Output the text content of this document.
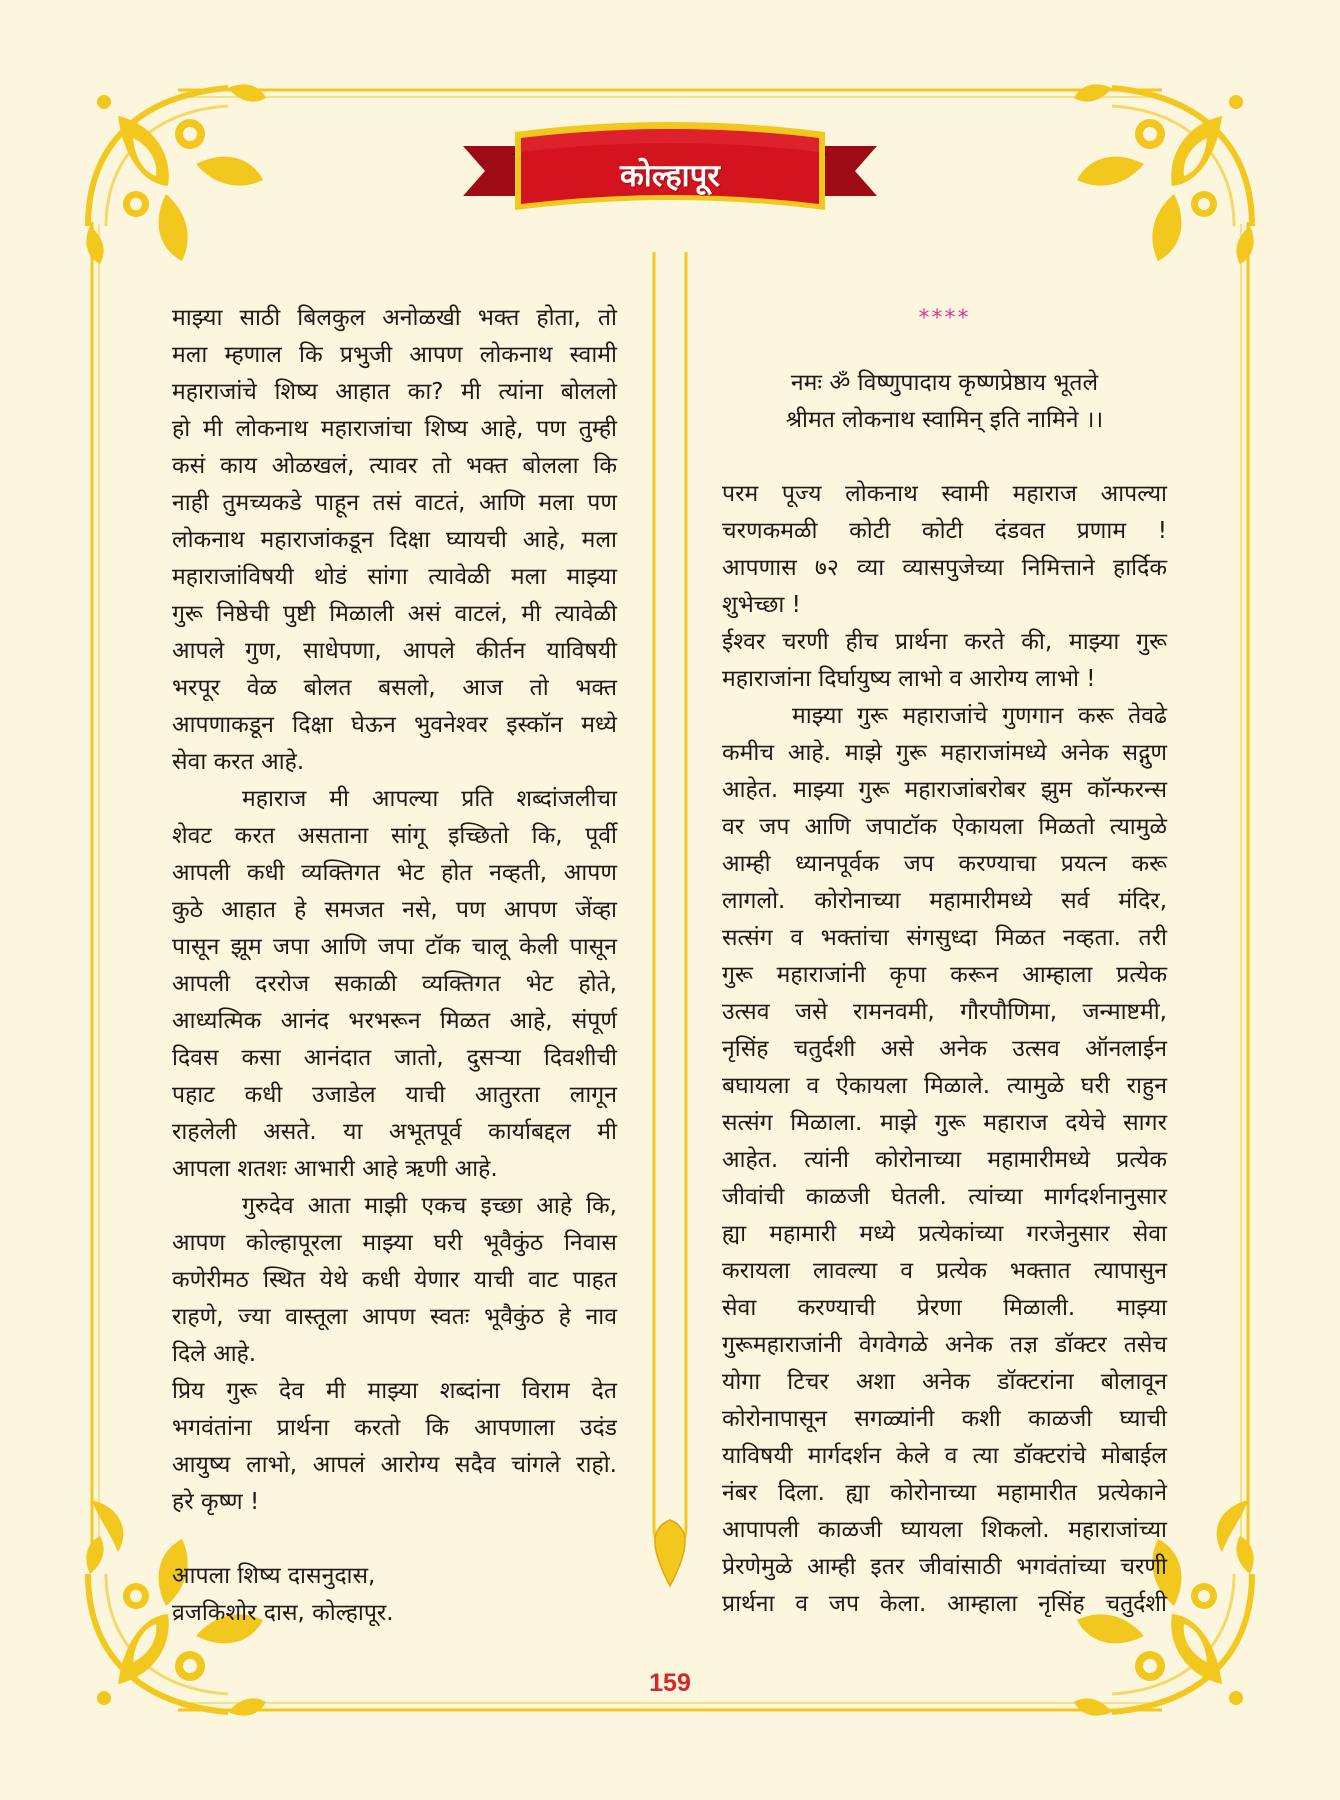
कोल्हापूर
माझ्या साठी बिलकुल अनोळखी भक्त होता, तो
मला म्हणाल कि प्रभुजी आपण लोकनाथ स्वामी
महाराजांचे शिष्य आहात का? मी त्यांना बोललो
हो मी लोकनाथ महाराजांचा शिष्य आहे, पण तुम्ही
कसं काय ओळखलं, त्यावर तो भक्त बोलला कि
नाही तुमच्यकडे पाहून तसं वाटतं, आणि मला पण
लोकनाथ महाराजांकडून दिक्षा घ्यायची आहे, मला
महाराजांविषयी थोडं सांगा त्यावेळी मला माझ्या
गुरू निष्ठेची पुष्टी मिळाली असं वाटलं, मी त्यावेळी
आपले गुण, साधेपणा, आपले कीर्तन याविषयी
भरपूर वेळ बोलत बसलो, आज तो भक्त
आपणाकडून दिक्षा घेऊन भुवनेश्वर इस्कॉन मध्ये
सेवा करत आहे.
महाराज मी आपल्या प्रति शब्दांजलीचा
शेवट करत असताना सांगू इच्छितो कि, पूर्वी
आपली कधी व्यक्तिगत भेट होत नव्हती, आपण
कुठे आहात हे समजत नसे, पण आपण जेंव्हा
पासून झूम जपा आणि जपा टॉक चालू केली पासून
आपली दररोज सकाळी व्यक्तिगत भेट होते,
आध्यत्मिक आनंद भरभरून मिळत आहे, संपूर्ण
दिवस कसा आनंदात जातो, दुसऱ्या दिवशीची
पहाट कधी उजाडेल याची आतुरता लागून
राहलेली असते. या अभूतपूर्व कार्याबद्दल मी
आपला शतशः आभारी आहे ऋणी आहे.
गुरुदेव आता माझी एकच इच्छा आहे कि,
आपण कोल्हापूरला माझ्या घरी भूवैकुंठ निवास
कणेरीमठ स्थित येथे कधी येणार याची वाट पाहत
राहणे, ज्या वास्तूला आपण स्वतः भूवैकुंठ हे नाव
दिले आहे.
प्रिय गुरू देव मी माझ्या शब्दांना विराम देत
भगवंतांना प्रार्थना करतो कि आपणाला उदंड
आयुष्य लाभो, आपलं आरोग्य सदैव चांगले राहो.
हरे कृष्ण !
आपला शिष्य दासनुदास,
व्रजकिशोर दास, कोल्हापूर.
****
नमः ॐ विष्णुपादाय कृष्णप्रेष्ठाय भूतले
श्रीमत लोकनाथ स्वामिन् इति नामिने ।।
परम पूज्य लोकनाथ स्वामी महाराज आपल्या
चरणकमळी कोटी कोटी दंडवत प्रणाम !
आपणास ७२ व्या व्यासपुजेच्या निमित्ताने हार्दिक
शुभेच्छा !
ईश्वर चरणी हीच प्रार्थना करते की, माझ्या गुरू
महाराजांना दिर्घायुष्य लाभो व आरोग्य लाभो !
माझ्या गुरू महाराजांचे गुणगान करू तेवढे
कमीच आहे. माझे गुरू महाराजांमध्ये अनेक सद्गुण
आहेत. माझ्या गुरू महाराजांबरोबर झुम कॉन्फरन्स
वर जप आणि जपाटॉक ऐकायला मिळतो त्यामुळे
आम्ही ध्यानपूर्वक जप करण्याचा प्रयत्न करू
लागलो. कोरोनाच्या महामारीमध्ये सर्व मंदिर,
सत्संग व भक्तांचा संगसुध्दा मिळत नव्हता. तरी
गुरू महाराजांनी कृपा करून आम्हाला प्रत्येक
उत्सव जसे रामनवमी, गौरपौणिमा, जन्माष्टमी,
नृसिंह चतुर्दशी असे अनेक उत्सव ऑनलाईन
बघायला व ऐकायला मिळाले. त्यामुळे घरी राहुन
सत्संग मिळाला. माझे गुरू महाराज दयेचे सागर
आहेत. त्यांनी कोरोनाच्या महामारीमध्ये प्रत्येक
जीवांची काळजी घेतली. त्यांच्या मार्गदर्शनानुसार
ह्या महामारी मध्ये प्रत्येकांच्या गरजेनुसार सेवा
करायला लावल्या व प्रत्येक भक्तात त्यापासुन
सेवा करण्याची प्रेरणा मिळाली. माझ्या
गुरूमहाराजांनी वेगवेगळे अनेक तज्ञ डॉक्टर तसेच
योगा टिचर अशा अनेक डॉक्टरांना बोलावून
कोरोनापासून सगळ्यांनी कशी काळजी घ्याची
याविषयी मार्गदर्शन केले व त्या डॉक्टरांचे मोबाईल
नंबर दिला. ह्या कोरोनाच्या महामारीत प्रत्येकाने
आपापली काळजी घ्यायला शिकलो. महाराजांच्या
प्रेरणेमुळे आम्ही इतर जीवांसाठी भगवंतांच्या चरणी
प्रार्थना व जप केला. आम्हाला नृसिंह चतुर्दशी
159
